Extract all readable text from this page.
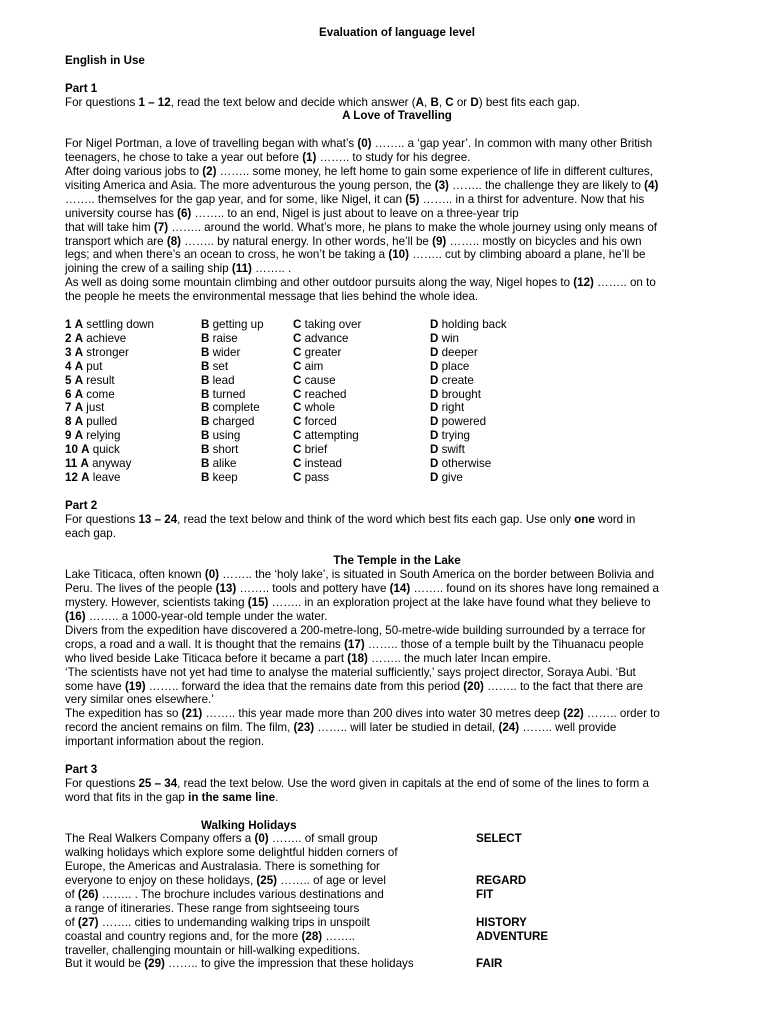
Evaluation of language level

English in Use

Part 1

For questions 1 – 12, read the text below and decide which answer (A, B, C or D) best fits each gap.

A Love of Travelling

For Nigel Portman, a love of travelling began with what’s (0) …….. a ‘gap year’. In common with many other British

teenagers, he chose to take a year out before (1) …….. to study for his degree.

After doing various jobs to (2) …….. some money, he left home to gain some experience of life in different cultures,

visiting America and Asia. The more adventurous the young person, the (3) …….. the challenge they are likely to (4)

…….. themselves for the gap year, and for some, like Nigel, it can (5) …….. in a thirst for adventure. Now that his

university course has (6) …….. to an end, Nigel is just about to leave on a three-year trip

that will take him (7) …….. around the world. What’s more, he plans to make the whole journey using only means of

transport which are (8) …….. by natural energy. In other words, he’ll be (9) …….. mostly on bicycles and his own

legs; and when there’s an ocean to cross, he won’t be taking a (10) …….. cut by climbing aboard a plane, he’ll be

joining the crew of a sailing ship (11) …….. .

As well as doing some mountain climbing and other outdoor pursuits along the way, Nigel hopes to (12) …….. on to

the people he meets the environmental message that lies behind the whole idea.

1 A settling down	B getting up	C taking over	D holding back
2 A achieve	B raise	C advance	D win
3 A stronger	B wider	C greater	D deeper
4 A put	B set	C aim	D place
5 A result	B lead	C cause	D create
6 A come	B turned	C reached	D brought
7 A just	B complete	C whole	D right
8 A pulled	B charged	C forced	D powered
9 A relying	B using	C attempting	D trying
10 A quick	B short	C brief	D swift
11 A anyway	B alike	C instead	D otherwise
12 A leave	B keep	C pass	D give

Part 2

For questions 13 – 24, read the text below and think of the word which best fits each gap. Use only one word in

each gap.

The Temple in the Lake

Lake Titicaca, often known (0) …….. the ‘holy lake’, is situated in South America on the border between Bolivia and

Peru. The lives of the people (13) …….. tools and pottery have (14) …….. found on its shores have long remained a

mystery. However, scientists taking (15) …….. in an exploration project at the lake have found what they believe to

(16) …….. a 1000-year-old temple under the water.

Divers from the expedition have discovered a 200-metre-long, 50-metre-wide building surrounded by a terrace for

crops, a road and a wall. It is thought that the remains (17) …….. those of a temple built by the Tihuanacu people

who lived beside Lake Titicaca before it became a part (18) …….. the much later Incan empire.

‘The scientists have not yet had time to analyse the material sufficiently,’ says project director, Soraya Aubi. ‘But

some have (19) …….. forward the idea that the remains date from this period (20) …….. to the fact that there are

very similar ones elsewhere.’

The expedition has so (21) …….. this year made more than 200 dives into water 30 metres deep (22) …….. order to

record the ancient remains on film. The film, (23) …….. will later be studied in detail, (24) …….. well provide

important information about the region.

Part 3

For questions 25 – 34, read the text below. Use the word given in capitals at the end of some of the lines to form a

word that fits in the gap in the same line.

Walking Holidays

The Real Walkers Company offers a (0) …….. of small group	SELECT
walking holidays which explore some delightful hidden corners of
Europe, the Americas and Australasia. There is something for
everyone to enjoy on these holidays, (25) …….. of age or level	REGARD
of (26) …….. . The brochure includes various destinations and	FIT
a range of itineraries. These range from sightseeing tours
of (27) …….. cities to undemanding walking trips in unspoilt	HISTORY
coastal and country regions and, for the more (28) ……..	ADVENTURE
traveller, challenging mountain or hill-walking expeditions.
But it would be (29) …….. to give the impression that these holidays	FAIR
